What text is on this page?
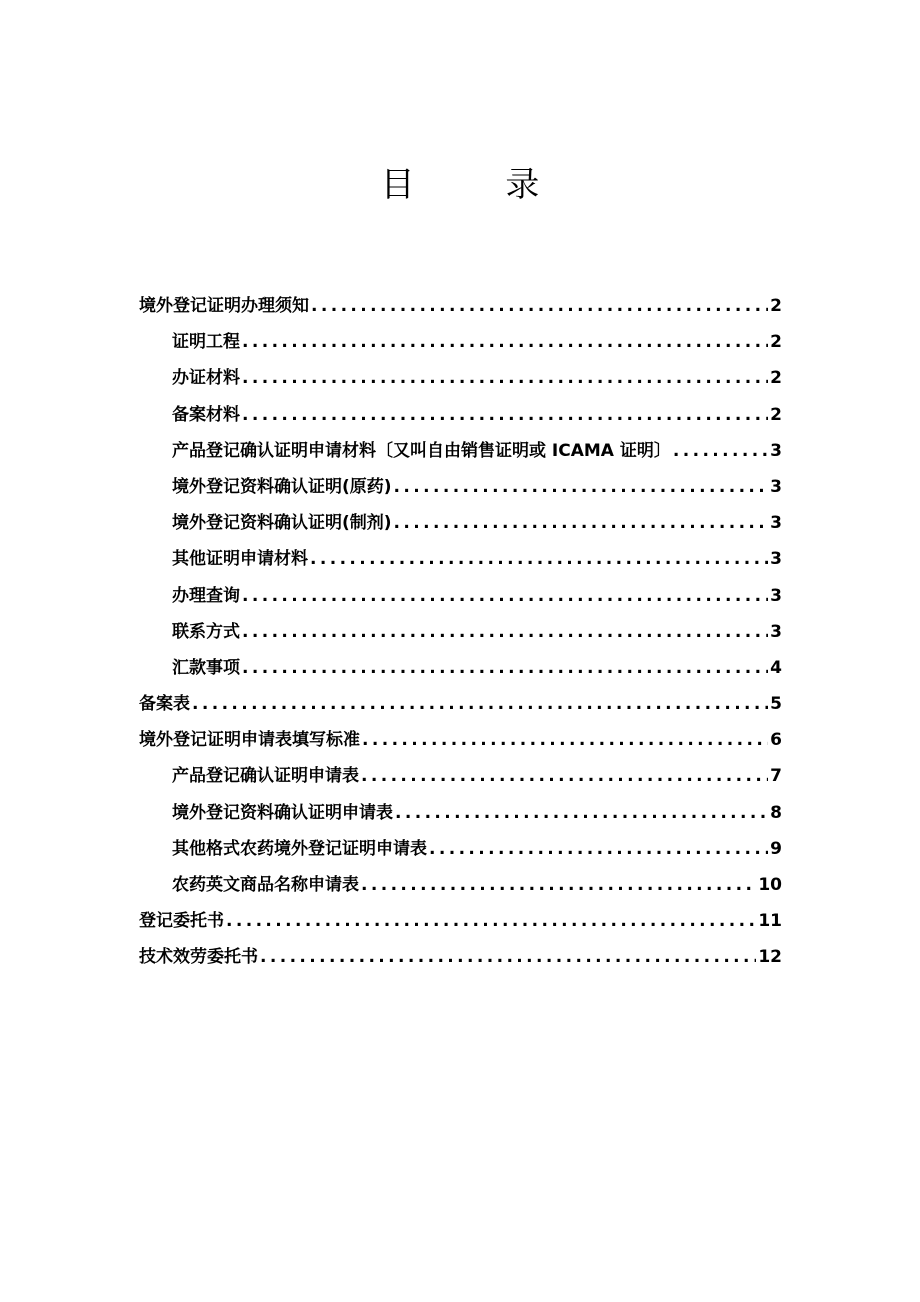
目 录
境外登记证明办理须知 .....	2
证明工程 .....	2
办证材料 .....	2
备案材料 .....	2
产品登记确认证明申请材料〔又叫自由销售证明或 ICAMA 证明〕 .....	3
境外登记资料确认证明(原药) .....	3
境外登记资料确认证明(制剂) .....	3
其他证明申请材料 .....	3
办理查询 .....	3
联系方式 .....	3
汇款事项 .....	4
备案表 .....	5
境外登记证明申请表填写标准 .....	6
产品登记确认证明申请表 .....	7
境外登记资料确认证明申请表 .....	8
其他格式农药境外登记证明申请表 .....	9
农药英文商品名称申请表 .....	10
登记委托书 .....	11
技术效劳委托书 .....	12
